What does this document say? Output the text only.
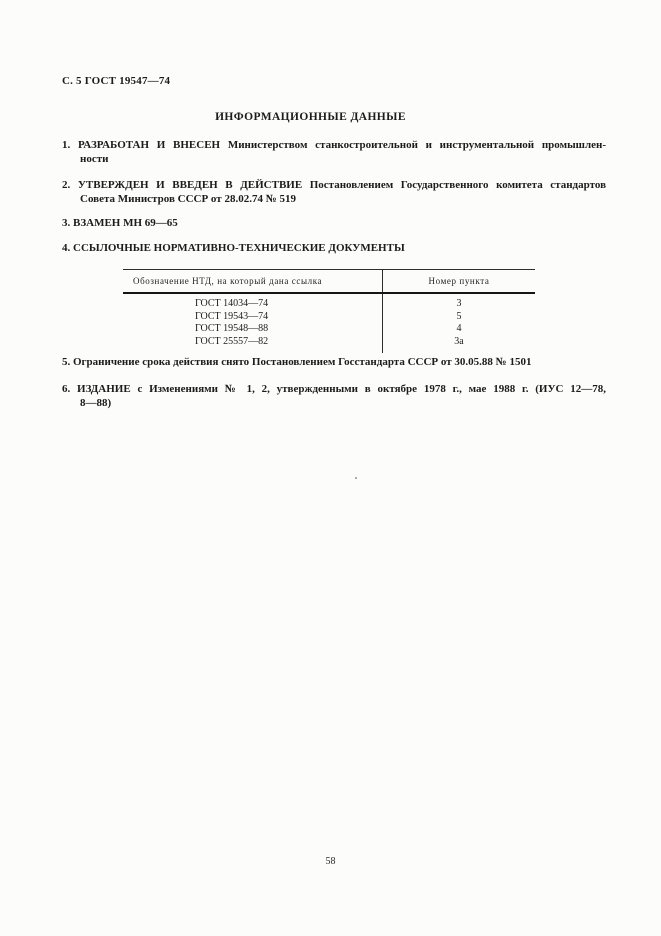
С. 5 ГОСТ 19547—74
ИНФОРМАЦИОННЫЕ ДАННЫЕ
1. РАЗРАБОТАН И ВНЕСЕН Министерством станкостроительной и инструментальной промышлен-
ности
2. УТВЕРЖДЕН И ВВЕДЕН В ДЕЙСТВИЕ Постановлением Государственного комитета стандартов
Совета Министров СССР от 28.02.74 № 519
3. ВЗАМЕН МН 69—65
4. ССЫЛОЧНЫЕ НОРМАТИВНО-ТЕХНИЧЕСКИЕ ДОКУМЕНТЫ
Обозначение НТД, на который дана ссылка	Номер пункта
ГОСТ 14034—74	3
ГОСТ 19543—74	5
ГОСТ 19548—88	4
ГОСТ 25557—82	3а
5. Ограничение срока действия снято Постановлением Госстандарта СССР от 30.05.88 № 1501
6. ИЗДАНИЕ с Изменениями № 1, 2, утвержденными в октябре 1978 г., мае 1988 г. (ИУС 12—78,
8—88)
58
